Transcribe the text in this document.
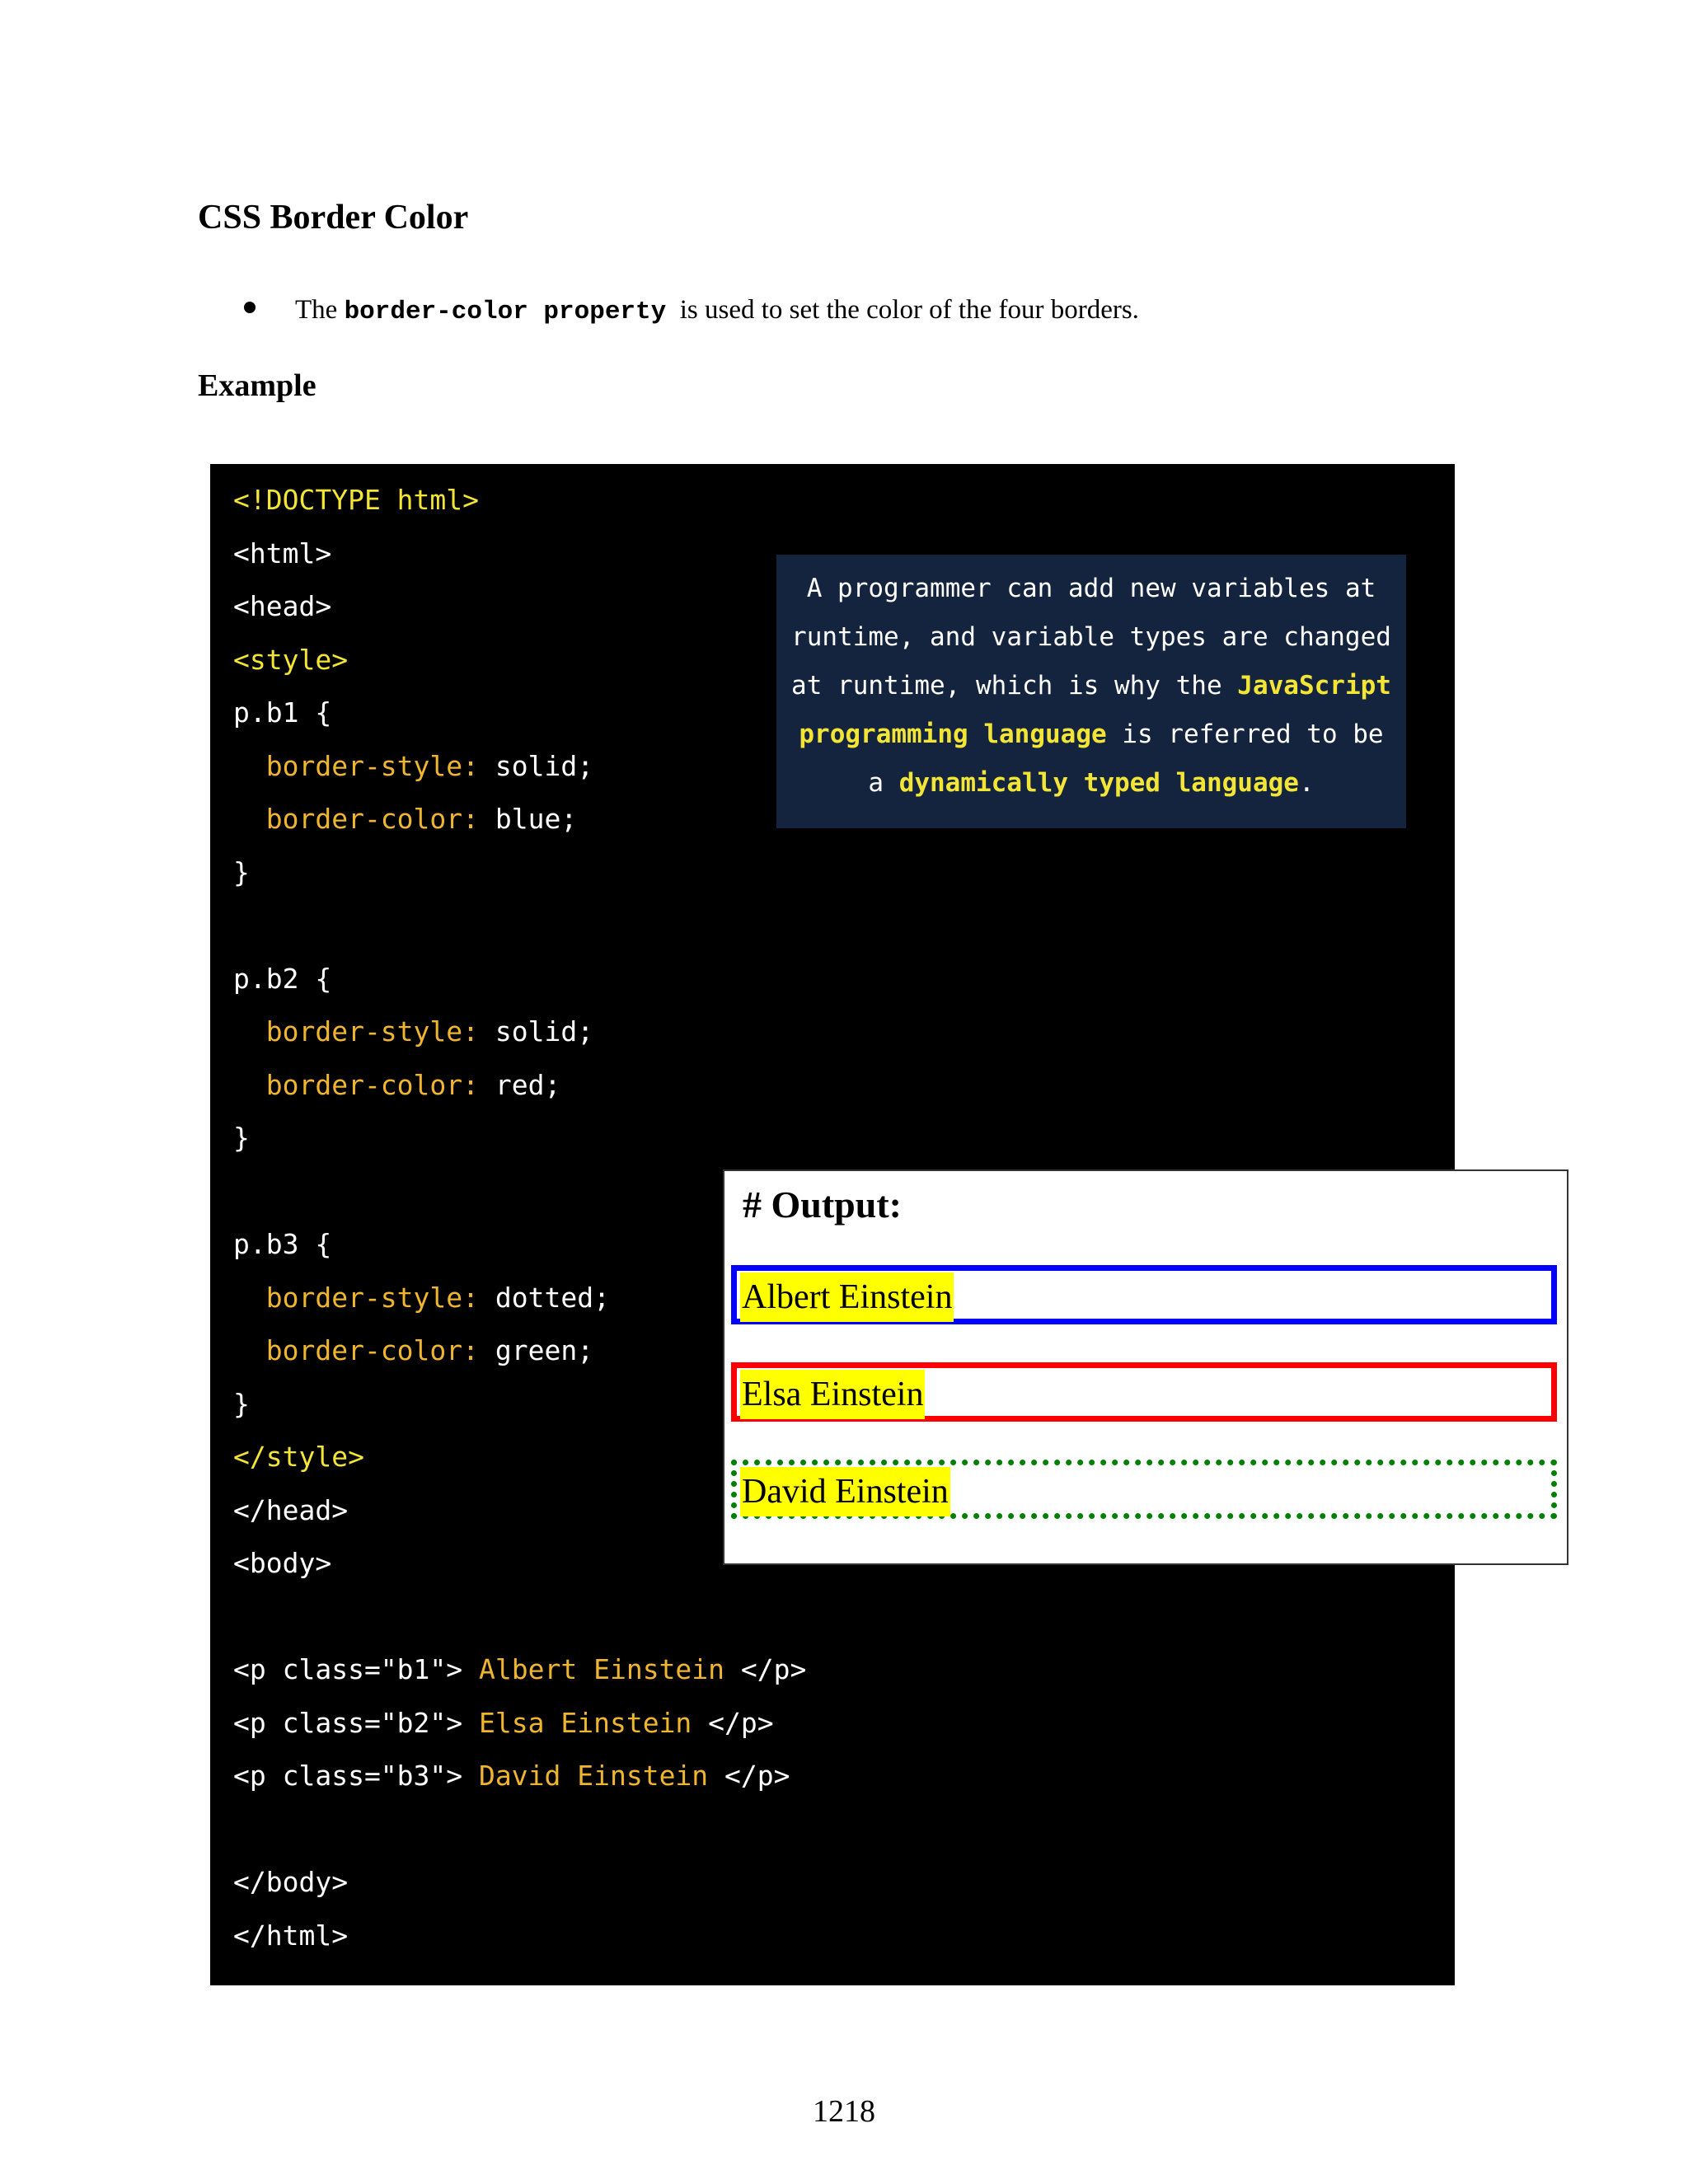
CSS Border Color
The
border-color property
is used to set the color of the four borders.
Example
<!DOCTYPE html>
<html>
<head>
<style>
p.b1 {
border-style: solid;
border-color: blue;
}
p.b2 {
border-style: solid;
border-color: red;
}
p.b3 {
border-style: dotted;
border-color: green;
}
</style>
</head>
<body>
<p class="b1"> Albert Einstein </p>
<p class="b2"> Elsa Einstein </p>
<p class="b3"> David Einstein </p>
</body>
</html>
A programmer can add new variables at
runtime, and variable types are changed
at runtime, which is why the JavaScript
programming language is referred to be
a dynamically typed language.
# Output:
Albert Einstein
Elsa Einstein
David Einstein
1218
